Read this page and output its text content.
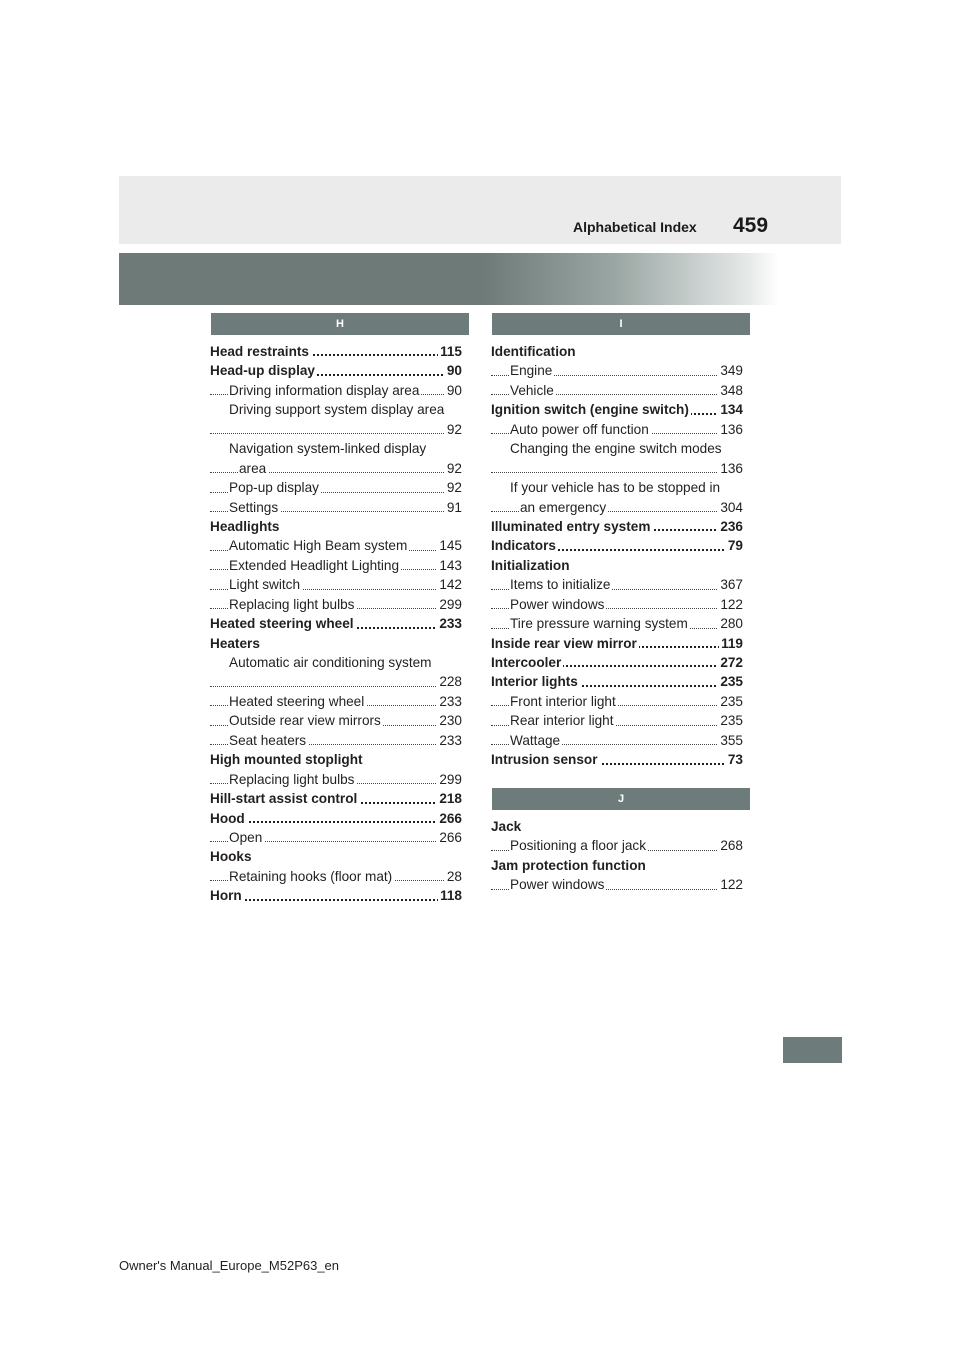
Alphabetical Index 459
H
Head restraints	115
Head-up display	90
Driving information display area 90
Driving support system display area
92
Navigation system-linked display
area	92
Pop-up display	92
Settings	91
Headlights
Automatic High Beam system 145
Extended Headlight Lighting	143
Light switch	142
Replacing light bulbs	299
Heated steering wheel	233
Heaters
Automatic air conditioning system
228
Heated steering wheel	233
Outside rear view mirrors	230
Seat heaters	233
High mounted stoplight
Replacing light bulbs	299
Hill-start assist control	218
Hood	266
Open	266
Hooks
Retaining hooks (floor mat)	28
Horn	118
I
Identification
Engine	349
Vehicle	348
Ignition switch (engine switch) 134
Auto power off function	136
Changing the engine switch modes
136
If your vehicle has to be stopped in
an emergency	304
Illuminated entry system	236
Indicators	79
Initialization
Items to initialize	367
Power windows	122
Tire pressure warning system 280
Inside rear view mirror	119
Intercooler	272
Interior lights	235
Front interior light	235
Rear interior light	235
Wattage	355
Intrusion sensor	73
J
Jack
Positioning a floor jack	268
Jam protection function
Power windows	122
Owner's Manual_Europe_M52P63_en
